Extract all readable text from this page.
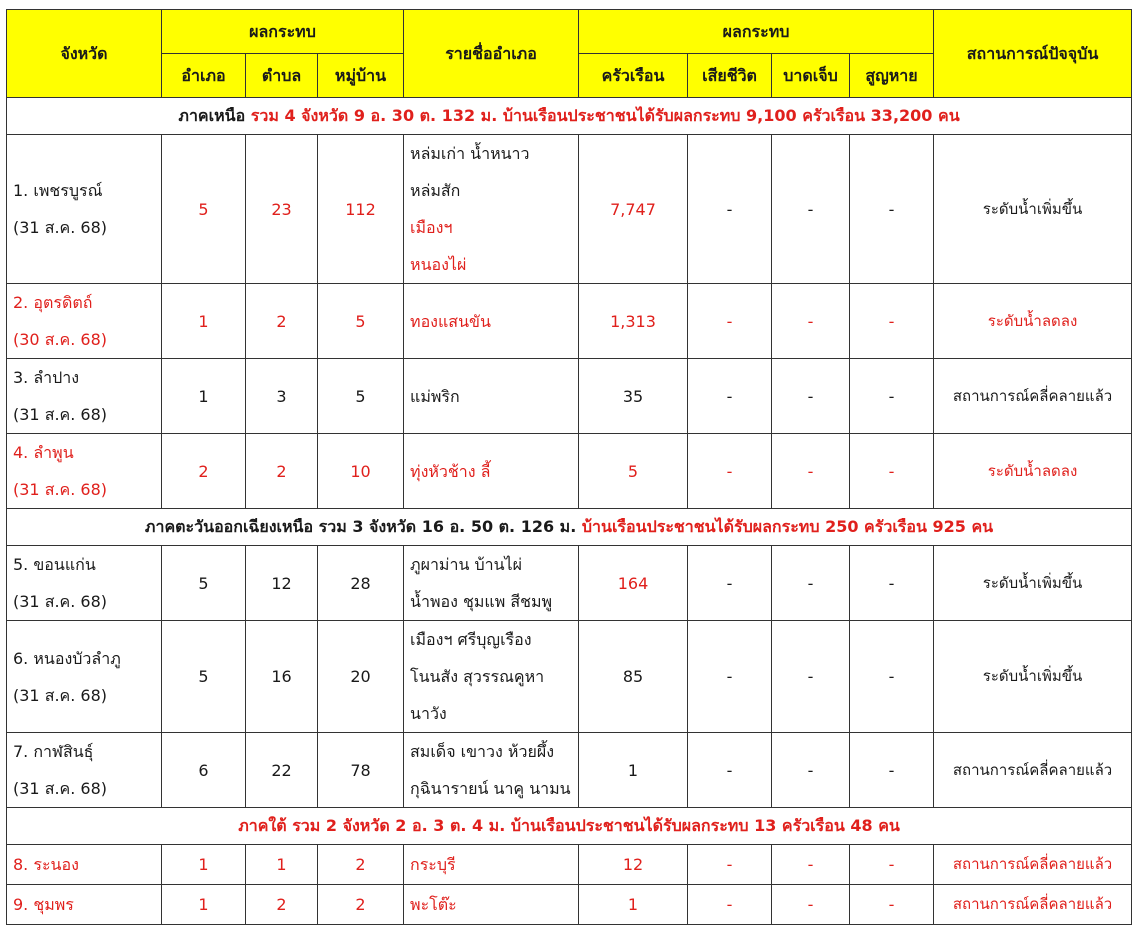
จังหวัด	ผลกระทบ			รายชื่ออำเภอ	ผลกระทบ				สถานการณ์ปัจจุบัน
	อำเภอ	ตำบล	หมู่บ้าน		ครัวเรือน	เสียชีวิต	บาดเจ็บ	สูญหาย	
ภาคเหนือ รวม 4 จังหวัด 9 อ. 30 ต. 132 ม. บ้านเรือนประชาชนได้รับผลกระทบ 9,100 ครัวเรือน 33,200 คน									

1. เพชรบูรณ์
(31 ส.ค. 68)	5	23	112	หล่มเก่า น้ำหนาว
หล่มสัก
เมืองฯ
หนองไผ่	7,747	-	-	-	ระดับน้ำเพิ่มขึ้น

2. อุตรดิตถ์
(30 ส.ค. 68)	1	2	5	ทองแสนขัน	1,313	-	-	-	ระดับน้ำลดลง

3. ลำปาง
(31 ส.ค. 68)	1	3	5	แม่พริก	35	-	-	-	สถานการณ์คลี่คลายแล้ว

4. ลำพูน
(31 ส.ค. 68)	2	2	10	ทุ่งหัวช้าง ลี้	5	-	-	-	ระดับน้ำลดลง
ภาคตะวันออกเฉียงเหนือ รวม 3 จังหวัด 16 อ. 50 ต. 126 ม. บ้านเรือนประชาชนได้รับผลกระทบ 250 ครัวเรือน 925 คน									

5. ขอนแก่น
(31 ส.ค. 68)	5	12	28	ภูผาม่าน บ้านไผ่
น้ำพอง ชุมแพ สีชมพู	164	-	-	-	ระดับน้ำเพิ่มขึ้น

6. หนองบัวลำภู
(31 ส.ค. 68)	5	16	20	เมืองฯ ศรีบุญเรือง
โนนสัง สุวรรณคูหา
นาวัง	85	-	-	-	ระดับน้ำเพิ่มขึ้น

7. กาฬสินธุ์
(31 ส.ค. 68)	6	22	78	สมเด็จ เขาวง ห้วยผึ้ง
กุฉินารายน์ นาคู นามน	1	-	-	-	สถานการณ์คลี่คลายแล้ว
ภาคใต้ รวม 2 จังหวัด 2 อ. 3 ต. 4 ม. บ้านเรือนประชาชนได้รับผลกระทบ 13 ครัวเรือน 48 คน									
8. ระนอง	1	1	2	กระบุรี	12	-	-	-	สถานการณ์คลี่คลายแล้ว
9. ชุมพร	1	2	2	พะโต๊ะ	1	-	-	-	สถานการณ์คลี่คลายแล้ว
